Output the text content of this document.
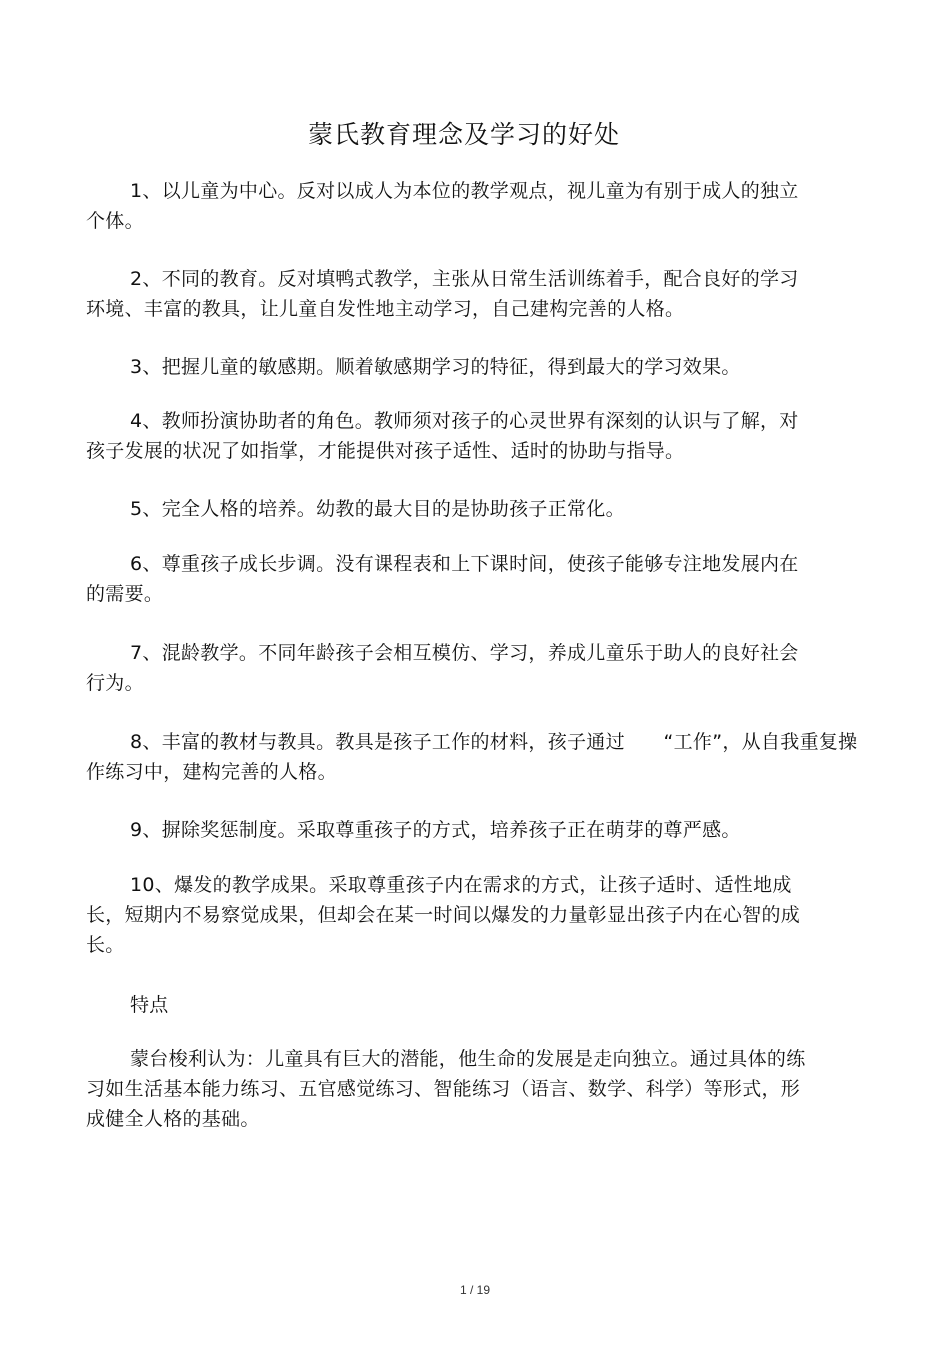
蒙氏教育理念及学习的好处
1、以儿童为中心。反对以成人为本位的教学观点，视儿童为有别于成人的独立个体。
2、不同的教育。反对填鸭式教学，主张从日常生活训练着手，配合良好的学习环境、丰富的教具，让儿童自发性地主动学习，自己建构完善的人格。
3、把握儿童的敏感期。顺着敏感期学习的特征，得到最大的学习效果。
4、教师扮演协助者的角色。教师须对孩子的心灵世界有深刻的认识与了解，对孩子发展的状况了如指掌，才能提供对孩子适性、适时的协助与指导。
5、完全人格的培养。幼教的最大目的是协助孩子正常化。
6、尊重孩子成长步调。没有课程表和上下课时间，使孩子能够专注地发展内在的需要。
7、混龄教学。不同年龄孩子会相互模仿、学习，养成儿童乐于助人的良好社会行为。
8、丰富的教材与教具。教具是孩子工作的材料，孩子通过　　“工作”，从自我重复操作练习中，建构完善的人格。
9、摒除奖惩制度。采取尊重孩子的方式，培养孩子正在萌芽的尊严感。
10、爆发的教学成果。采取尊重孩子内在需求的方式，让孩子适时、适性地成长，短期内不易察觉成果，但却会在某一时间以爆发的力量彰显出孩子内在心智的成长。
特点
蒙台梭利认为：儿童具有巨大的潜能，他生命的发展是走向独立。通过具体的练习如生活基本能力练习、五官感觉练习、智能练习（语言、数学、科学）等形式，形成健全人格的基础。
1 / 19
